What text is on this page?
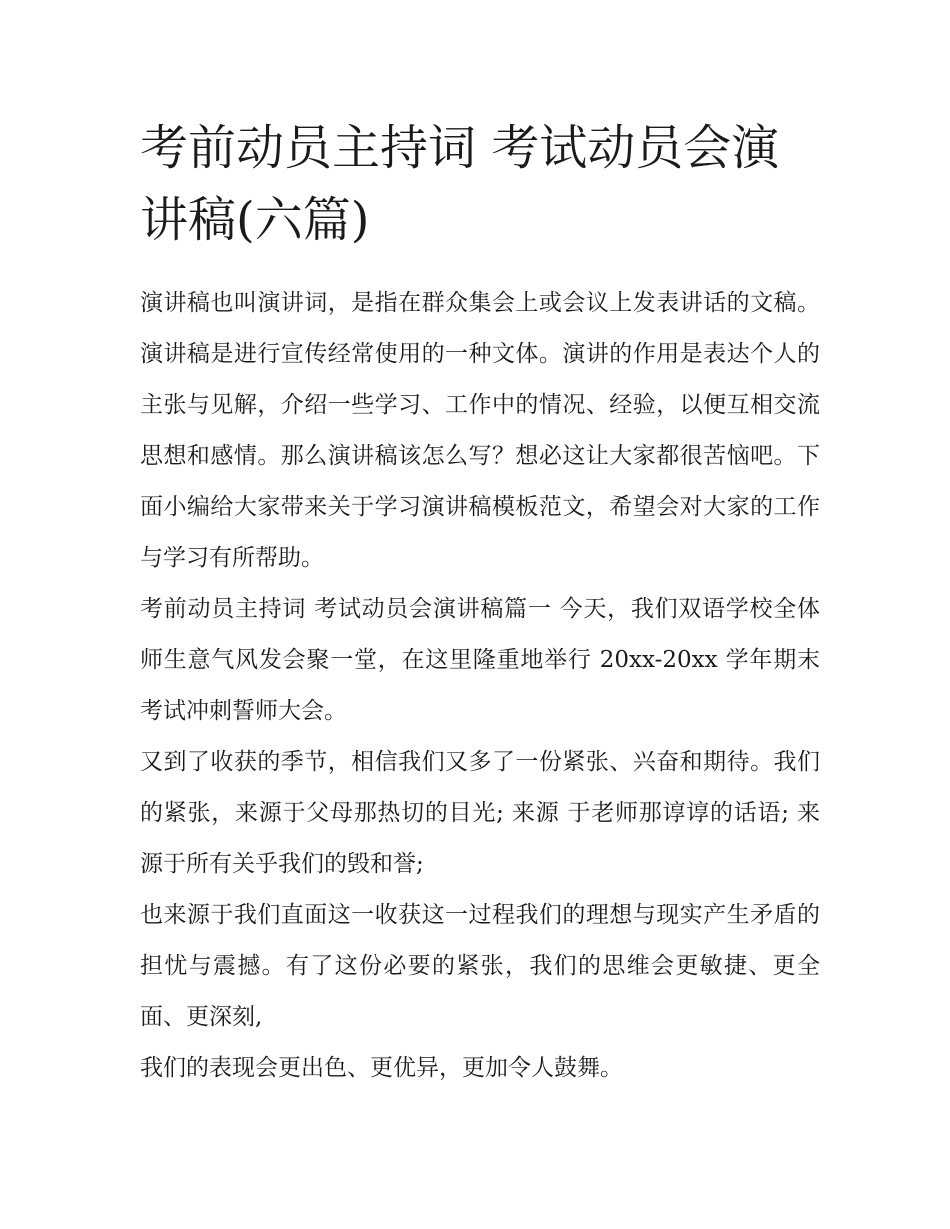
考前动员主持词 考试动员会演讲稿(六篇)

演讲稿也叫演讲词，是指在群众集会上或会议上发表讲话的文稿。演讲稿是进行宣传经常使用的一种文体。演讲的作用是表达个人的主张与见解，介绍一些学习、工作中的情况、经验，以便互相交流思想和感情。那么演讲稿该怎么写？想必这让大家都很苦恼吧。下面小编给大家带来关于学习演讲稿模板范文，希望会对大家的工作与学习有所帮助。

考前动员主持词 考试动员会演讲稿篇一 今天，我们双语学校全体师生意气风发会聚一堂，在这里隆重地举行 20xx-20xx 学年期末考试冲刺誓师大会。

又到了收获的季节，相信我们又多了一份紧张、兴奋和期待。我们的紧张，来源于父母那热切的目光; 来源 于老师那谆谆的话语; 来源于所有关乎我们的毁和誉;

也来源于我们直面这一收获这一过程我们的理想与现实产生矛盾的担忧与震撼。有了这份必要的紧张，我们的思维会更敏捷、更全面、更深刻,

我们的表现会更出色、更优异，更加令人鼓舞。
